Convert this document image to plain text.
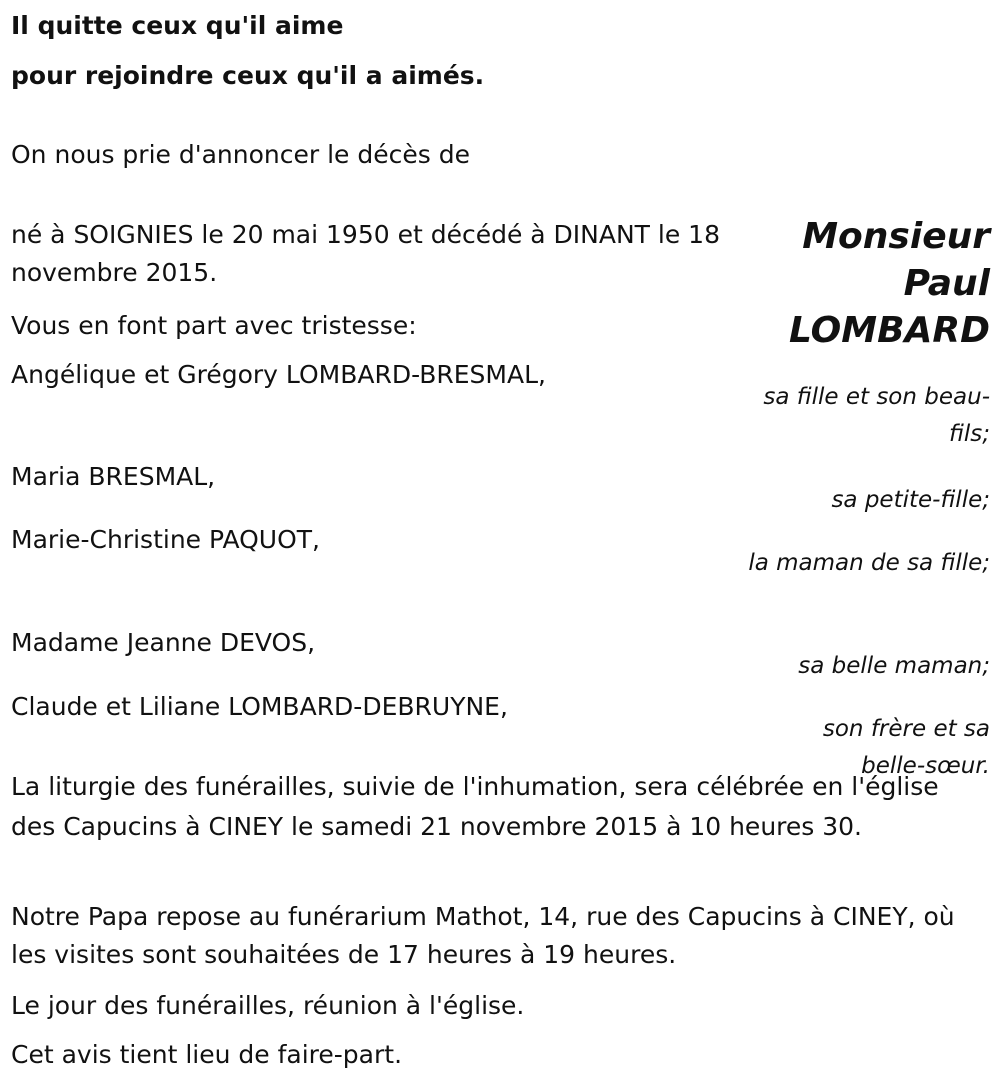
Il quitte ceux qu'il aime
pour rejoindre ceux qu'il a aimés.
On nous prie d'annoncer le décès de
Monsieur
Paul
LOMBARD
né à SOIGNIES le 20 mai 1950 et décédé à DINANT le 18 novembre 2015.
Vous en font part avec tristesse:
Angélique et Grégory LOMBARD-BRESMAL,
Maria BRESMAL,
Marie-Christine PAQUOT,
Madame Jeanne DEVOS,
Claude et Liliane LOMBARD-DEBRUYNE,
sa fille et son beau-fils;
sa petite-fille;
la maman de sa fille;
sa belle maman;
son frère et sa belle-sœur.
La liturgie des funérailles, suivie de l'inhumation, sera célébrée en l'église des Capucins à CINEY le samedi 21 novembre 2015 à 10 heures 30.
Notre Papa repose au funérarium Mathot, 14, rue des Capucins à CINEY, où les visites sont souhaitées de 17 heures à 19 heures.
Le jour des funérailles, réunion à l'église.
Cet avis tient lieu de faire-part.
